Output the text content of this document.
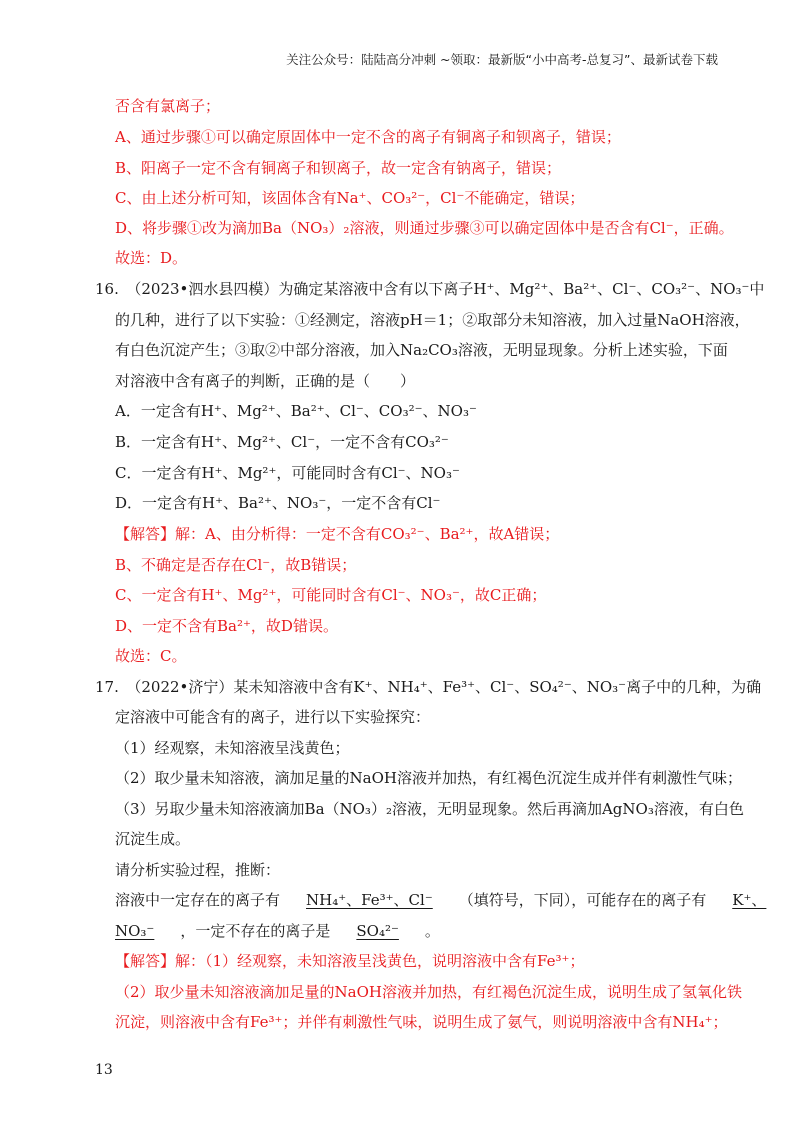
关注公众号：陆陆高分冲刺 ~领取：最新版“小中高考-总复习”、最新试卷下载
否含有氯离子；
A、通过步骤①可以确定原固体中一定不含的离子有铜离子和钡离子，错误；
B、阳离子一定不含有铜离子和钡离子，故一定含有钠离子，错误；
C、由上述分析可知，该固体含有Na⁺、CO₃²⁻，Cl⁻不能确定，错误；
D、将步骤①改为滴加Ba（NO₃）₂溶液，则通过步骤③可以确定固体中是否含有Cl⁻，正确。
故选：D。
16.　（2023•泗水县四模）为确定某溶液中含有以下离子H⁺、Mg²⁺、Ba²⁺、Cl⁻、CO₃²⁻、NO₃⁻中
的几种，进行了以下实验：①经测定，溶液pH＝1；②取部分未知溶液，加入过量NaOH溶液，
有白色沉淀产生；③取②中部分溶液，加入Na₂CO₃溶液，无明显现象。分析上述实验，下面
对溶液中含有离子的判断，正确的是（　　）
A．一定含有H⁺、Mg²⁺、Ba²⁺、Cl⁻、CO₃²⁻、NO₃⁻
B．一定含有H⁺、Mg²⁺、Cl⁻，一定不含有CO₃²⁻
C．一定含有H⁺、Mg²⁺，可能同时含有Cl⁻、NO₃⁻
D．一定含有H⁺、Ba²⁺、NO₃⁻，一定不含有Cl⁻
【解答】解：A、由分析得：一定不含有CO₃²⁻、Ba²⁺，故A错误；
B、不确定是否存在Cl⁻，故B错误；
C、一定含有H⁺、Mg²⁺，可能同时含有Cl⁻、NO₃⁻，故C正确；
D、一定不含有Ba²⁺，故D错误。
故选：C。
17.　（2022•济宁）某未知溶液中含有K⁺、NH₄⁺、Fe³⁺、Cl⁻、SO₄²⁻、NO₃⁻离子中的几种，为确
定溶液中可能含有的离子，进行以下实验探究：
（1）经观察，未知溶液呈浅黄色；
（2）取少量未知溶液，滴加足量的NaOH溶液并加热，有红褐色沉淀生成并伴有刺激性气味；
（3）另取少量未知溶液滴加Ba（NO₃）₂溶液，无明显现象。然后再滴加AgNO₃溶液，有白色
沉淀生成。
请分析实验过程，推断：
溶液中一定存在的离子有 NH₄⁺、Fe³⁺、Cl⁻ （填符号，下同），可能存在的离子有 K⁺、
NO₃⁻ ，一定不存在的离子是 SO₄²⁻ 。
【解答】解：（1）经观察，未知溶液呈浅黄色，说明溶液中含有Fe³⁺；
（2）取少量未知溶液滴加足量的NaOH溶液并加热，有红褐色沉淀生成，说明生成了氢氧化铁
沉淀，则溶液中含有Fe³⁺；并伴有刺激性气味，说明生成了氨气，则说明溶液中含有NH₄⁺；
13
